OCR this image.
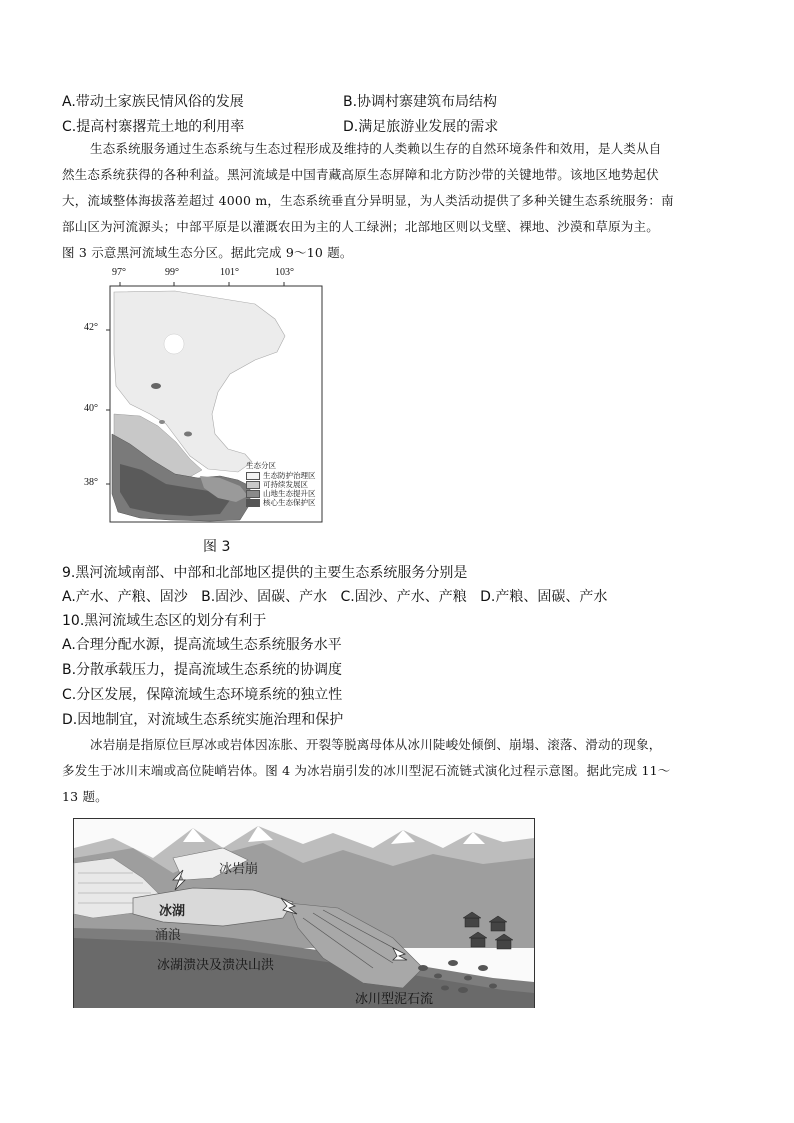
A.带动土家族民情风俗的发展	B.协调村寨建筑布局结构
C.提高村寨撂荒土地的利用率	D.满足旅游业发展的需求
生态系统服务通过生态系统与生态过程形成及维持的人类赖以生存的自然环境条件和效用，是人类从自
然生态系统获得的各种利益。黑河流域是中国青藏高原生态屏障和北方防沙带的关键地带。该地区地势起伏
大，流域整体海拔落差超过 4000 m，生态系统垂直分异明显，为人类活动提供了多种关键生态系统服务：南
部山区为河流源头；中部平原是以灌溉农田为主的人工绿洲；北部地区则以戈壁、裸地、沙漠和草原为主。
图 3 示意黑河流域生态分区。据此完成 9～10 题。
97°	99°	101°	103°
42°
40°
38°
生态分区
生态防护治理区
可持续发展区
山地生态提升区
核心生态保护区
图 3
9.黑河流域南部、中部和北部地区提供的主要生态系统服务分别是
A.产水、产粮、固沙   B.固沙、固碳、产水   C.固沙、产水、产粮   D.产粮、固碳、产水
10.黑河流域生态区的划分有利于
A.合理分配水源，提高流域生态系统服务水平
B.分散承载压力，提高流域生态系统的协调度
C.分区发展，保障流域生态环境系统的独立性
D.因地制宜，对流域生态系统实施治理和保护
冰岩崩是指原位巨厚冰或岩体因冻胀、开裂等脱离母体从冰川陡峻处倾倒、崩塌、滚落、滑动的现象，
多发生于冰川末端或高位陡峭岩体。图 4 为冰岩崩引发的冰川型泥石流链式演化过程示意图。据此完成 11～
13 题。
冰岩崩
冰湖
涌浪
冰湖溃决及溃决山洪
冰川型泥石流
